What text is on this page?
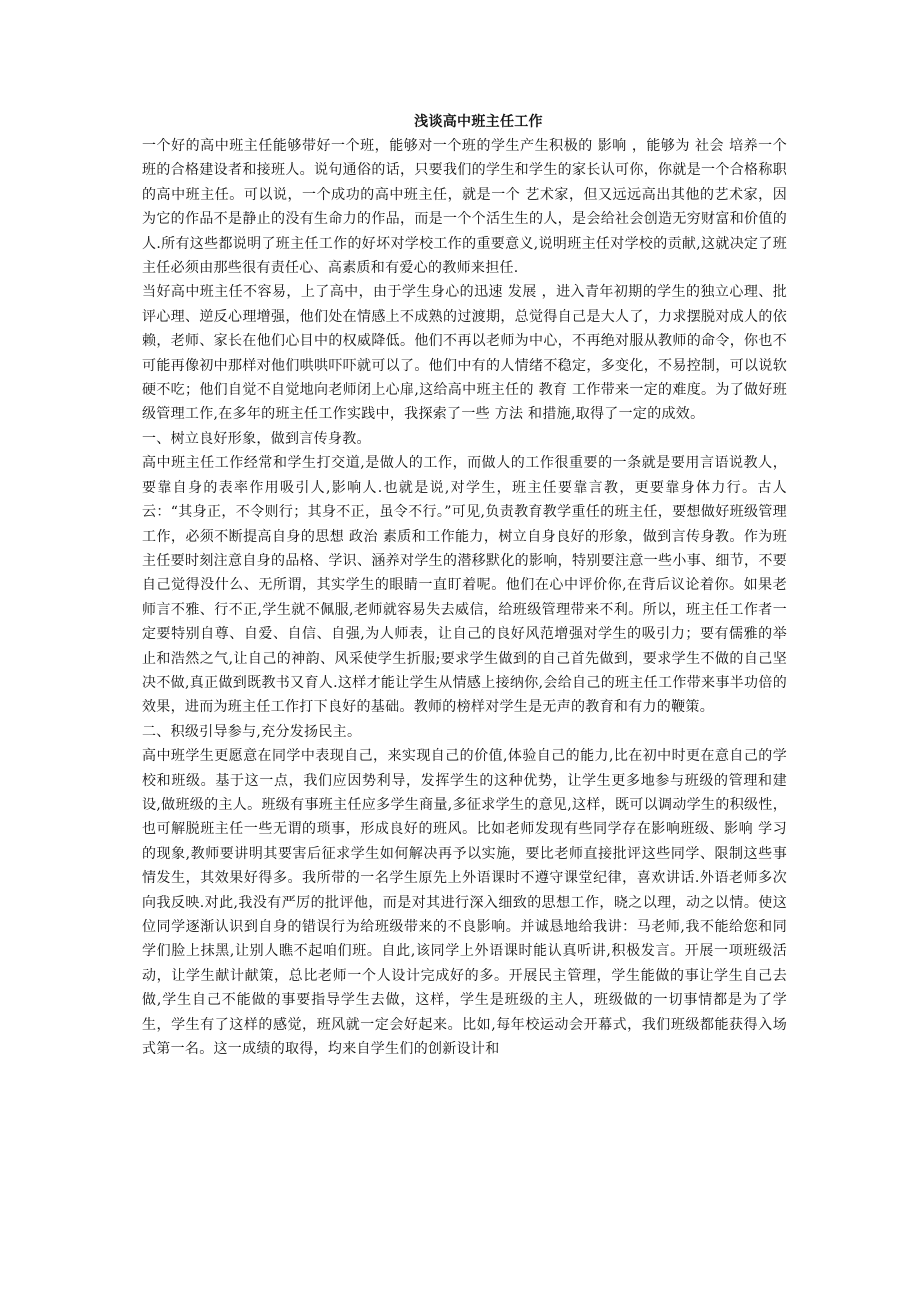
浅谈高中班主任工作

一个好的高中班主任能够带好一个班，能够对一个班的学生产生积极的 影响 ，能够为 社会 培养一个班的合格建设者和接班人。说句通俗的话，只要我们的学生和学生的家长认可你，你就是一个合格称职的高中班主任。可以说，一个成功的高中班主任，就是一个 艺术家，但又远远高出其他的艺术家，因为它的作品不是静止的没有生命力的作品，而是一个个活生生的人，是会给社会创造无穷财富和价值的人.所有这些都说明了班主任工作的好坏对学校工作的重要意义,说明班主任对学校的贡献,这就决定了班主任必须由那些很有责任心、高素质和有爱心的教师来担任.

当好高中班主任不容易，上了高中，由于学生身心的迅速 发展 ，进入青年初期的学生的独立心理、批评心理、逆反心理增强，他们处在情感上不成熟的过渡期，总觉得自己是大人了，力求摆脱对成人的依赖，老师、家长在他们心目中的权威降低。他们不再以老师为中心，不再绝对服从教师的命令，你也不可能再像初中那样对他们哄哄吓吓就可以了。他们中有的人情绪不稳定，多变化，不易控制，可以说软硬不吃；他们自觉不自觉地向老师闭上心扉,这给高中班主任的 教育 工作带来一定的难度。为了做好班级管理工作,在多年的班主任工作实践中，我探索了一些 方法 和措施,取得了一定的成效。

一、树立良好形象，做到言传身教。

高中班主任工作经常和学生打交道,是做人的工作，而做人的工作很重要的一条就是要用言语说教人，要靠自身的表率作用吸引人,影响人.也就是说,对学生，班主任要靠言教，更要靠身体力行。古人云：“其身正，不令则行；其身不正，虽令不行。”可见,负责教育教学重任的班主任，要想做好班级管理工作，必须不断提高自身的思想 政治 素质和工作能力，树立自身良好的形象，做到言传身教。作为班主任要时刻注意自身的品格、学识、涵养对学生的潜移默化的影响，特别要注意一些小事、细节，不要自己觉得没什么、无所谓，其实学生的眼睛一直盯着呢。他们在心中评价你,在背后议论着你。如果老师言不雅、行不正,学生就不佩服,老师就容易失去威信，给班级管理带来不利。所以，班主任工作者一定要特别自尊、自爱、自信、自强,为人师表，让自己的良好风范增强对学生的吸引力；要有儒雅的举止和浩然之气,让自己的神韵、风采使学生折服;要求学生做到的自己首先做到，要求学生不做的自己坚决不做,真正做到既教书又育人.这样才能让学生从情感上接纳你,会给自己的班主任工作带来事半功倍的效果，进而为班主任工作打下良好的基础。教师的榜样对学生是无声的教育和有力的鞭策。

二、积级引导参与,充分发扬民主。

高中班学生更愿意在同学中表现自己，来实现自己的价值,体验自己的能力,比在初中时更在意自己的学校和班级。基于这一点，我们应因势利导，发挥学生的这种优势，让学生更多地参与班级的管理和建设,做班级的主人。班级有事班主任应多学生商量,多征求学生的意见,这样，既可以调动学生的积级性，也可解脱班主任一些无谓的琐事，形成良好的班风。比如老师发现有些同学存在影响班级、影响 学习 的现象,教师要讲明其要害后征求学生如何解决再予以实施，要比老师直接批评这些同学、限制这些事情发生，其效果好得多。我所带的一名学生原先上外语课时不遵守课堂纪律，喜欢讲话.外语老师多次向我反映.对此,我没有严厉的批评他，而是对其进行深入细致的思想工作，晓之以理，动之以情。使这位同学逐渐认识到自身的错误行为给班级带来的不良影响。并诚恳地给我讲：马老师,我不能给您和同学们脸上抹黑,让别人瞧不起咱们班。自此,该同学上外语课时能认真听讲,积极发言。开展一项班级活动，让学生献计献策，总比老师一个人设计完成好的多。开展民主管理，学生能做的事让学生自己去做,学生自己不能做的事要指导学生去做，这样，学生是班级的主人，班级做的一切事情都是为了学生，学生有了这样的感觉，班风就一定会好起来。比如,每年校运动会开幕式，我们班级都能获得入场式第一名。这一成绩的取得，均来自学生们的创新设计和
